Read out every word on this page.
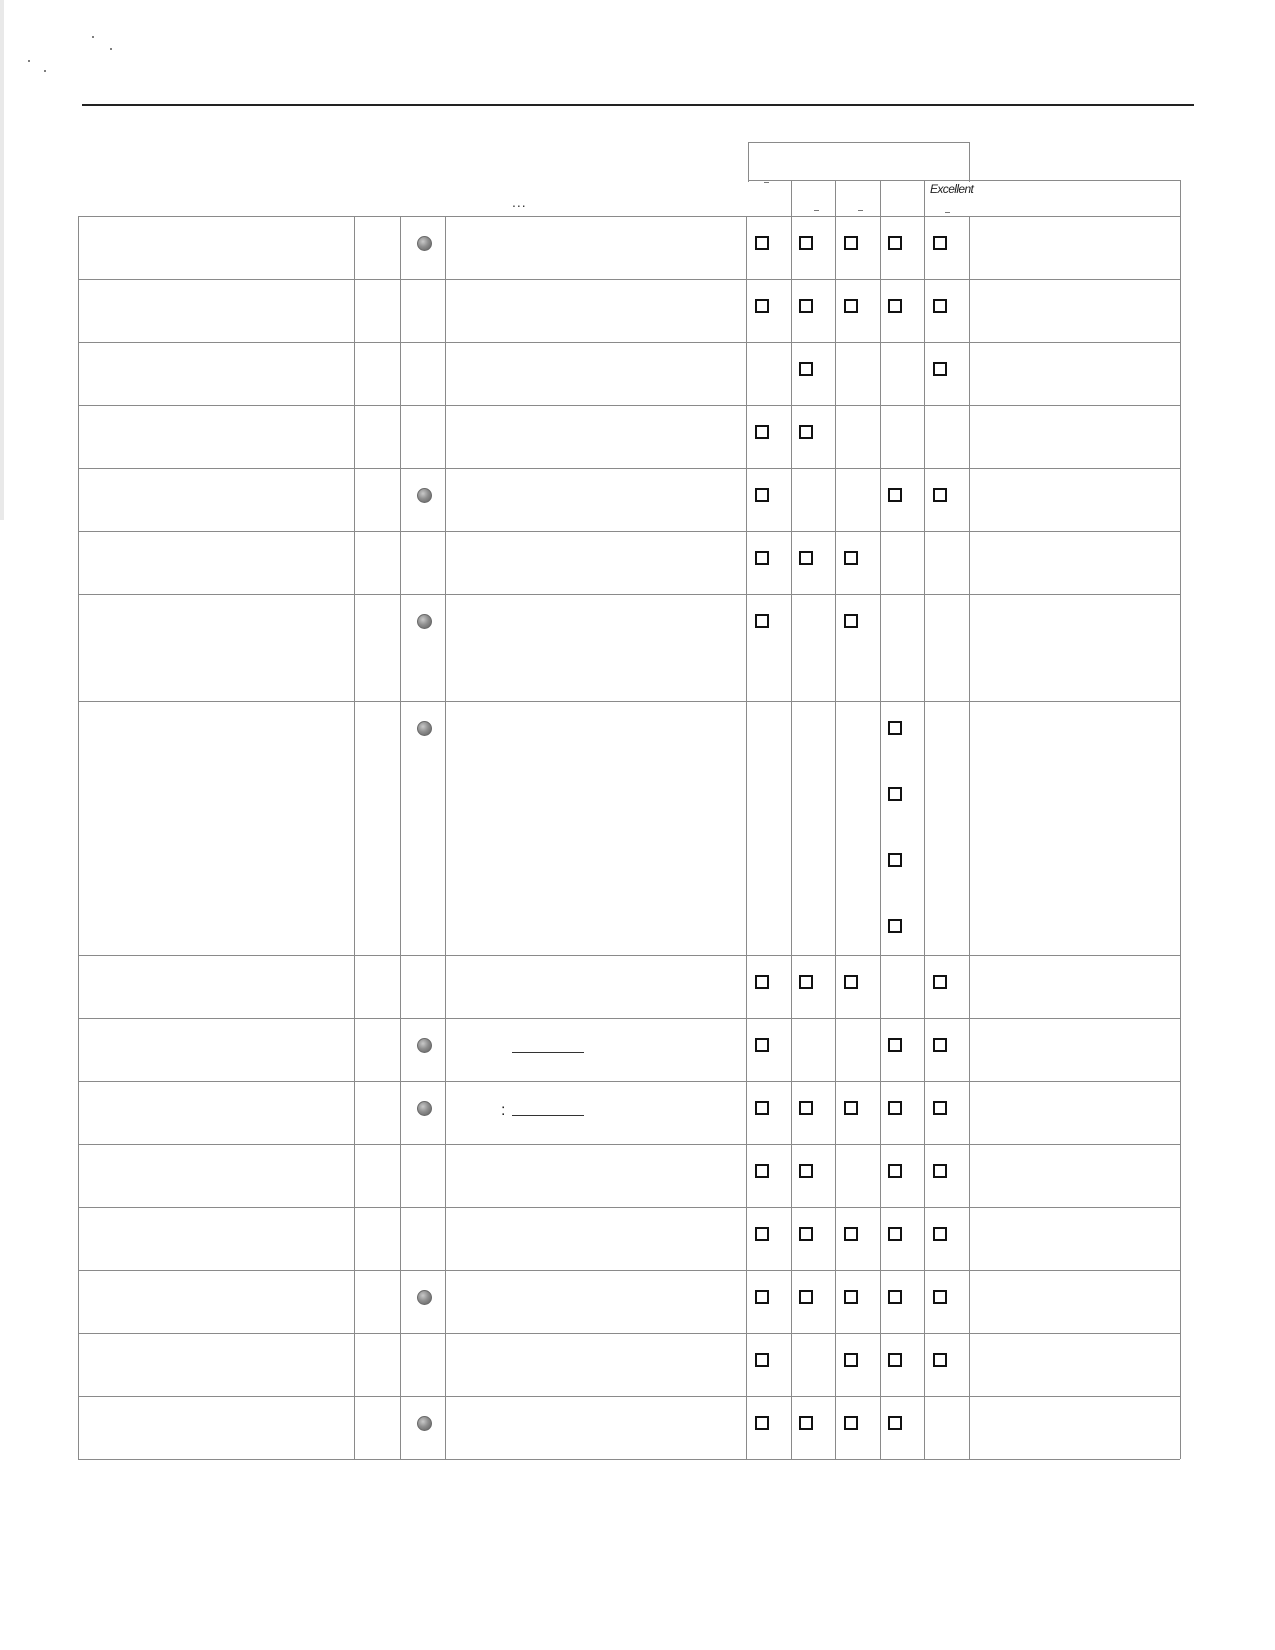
:
Excellent
...
